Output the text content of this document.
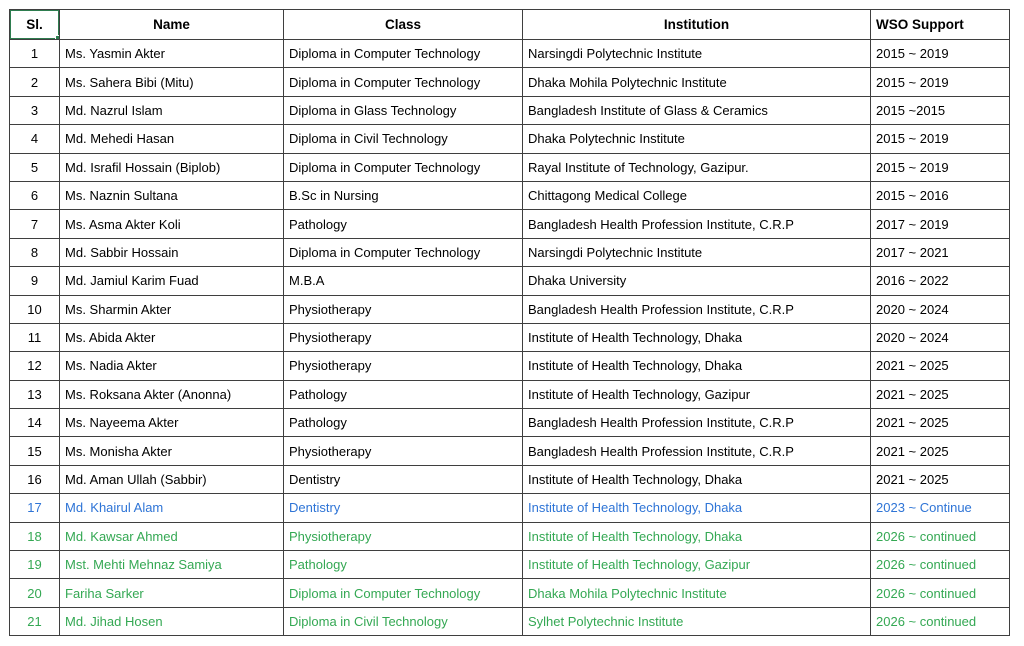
Sl.	Name	Class	Institution	WSO Support
1	Ms. Yasmin Akter	Diploma in Computer Technology	Narsingdi Polytechnic Institute	2015 ~ 2019
2	Ms. Sahera Bibi (Mitu)	Diploma in Computer Technology	Dhaka Mohila Polytechnic Institute	2015 ~ 2019
3	Md. Nazrul Islam	Diploma in Glass Technology	Bangladesh Institute of Glass & Ceramics	2015 ~2015
4	Md. Mehedi Hasan	Diploma in Civil Technology	Dhaka Polytechnic Institute	2015 ~ 2019
5	Md. Israfil Hossain (Biplob)	Diploma in Computer Technology	Rayal Institute of Technology, Gazipur.	2015 ~ 2019
6	Ms. Naznin Sultana	B.Sc in Nursing	Chittagong Medical College	2015 ~ 2016
7	Ms. Asma Akter Koli	Pathology	Bangladesh Health Profession Institute, C.R.P	2017 ~ 2019
8	Md. Sabbir Hossain	Diploma in Computer Technology	Narsingdi Polytechnic Institute	2017 ~ 2021
9	Md. Jamiul Karim Fuad	M.B.A	Dhaka University	2016 ~ 2022
10	Ms. Sharmin Akter	Physiotherapy	Bangladesh Health Profession Institute, C.R.P	2020 ~ 2024
11	Ms. Abida Akter	Physiotherapy	Institute of Health Technology, Dhaka	2020 ~ 2024
12	Ms. Nadia Akter	Physiotherapy	Institute of Health Technology, Dhaka	2021 ~ 2025
13	Ms. Roksana Akter (Anonna)	Pathology	Institute of Health Technology, Gazipur	2021 ~ 2025
14	Ms. Nayeema Akter	Pathology	Bangladesh Health Profession Institute, C.R.P	2021 ~ 2025
15	Ms. Monisha Akter	Physiotherapy	Bangladesh Health Profession Institute, C.R.P	2021 ~ 2025
16	Md. Aman Ullah (Sabbir)	Dentistry	Institute of Health Technology, Dhaka	2021 ~ 2025
17	Md. Khairul Alam	Dentistry	Institute of Health Technology, Dhaka	2023 ~ Continue
18	Md. Kawsar Ahmed	Physiotherapy	Institute of Health Technology, Dhaka	2026 ~ continued
19	Mst. Mehti Mehnaz Samiya	Pathology	Institute of Health Technology, Gazipur	2026 ~ continued
20	Fariha Sarker	Diploma in Computer Technology	Dhaka Mohila Polytechnic Institute	2026 ~ continued
21	Md. Jihad Hosen	Diploma in Civil Technology	Sylhet Polytechnic Institute	2026 ~ continued
